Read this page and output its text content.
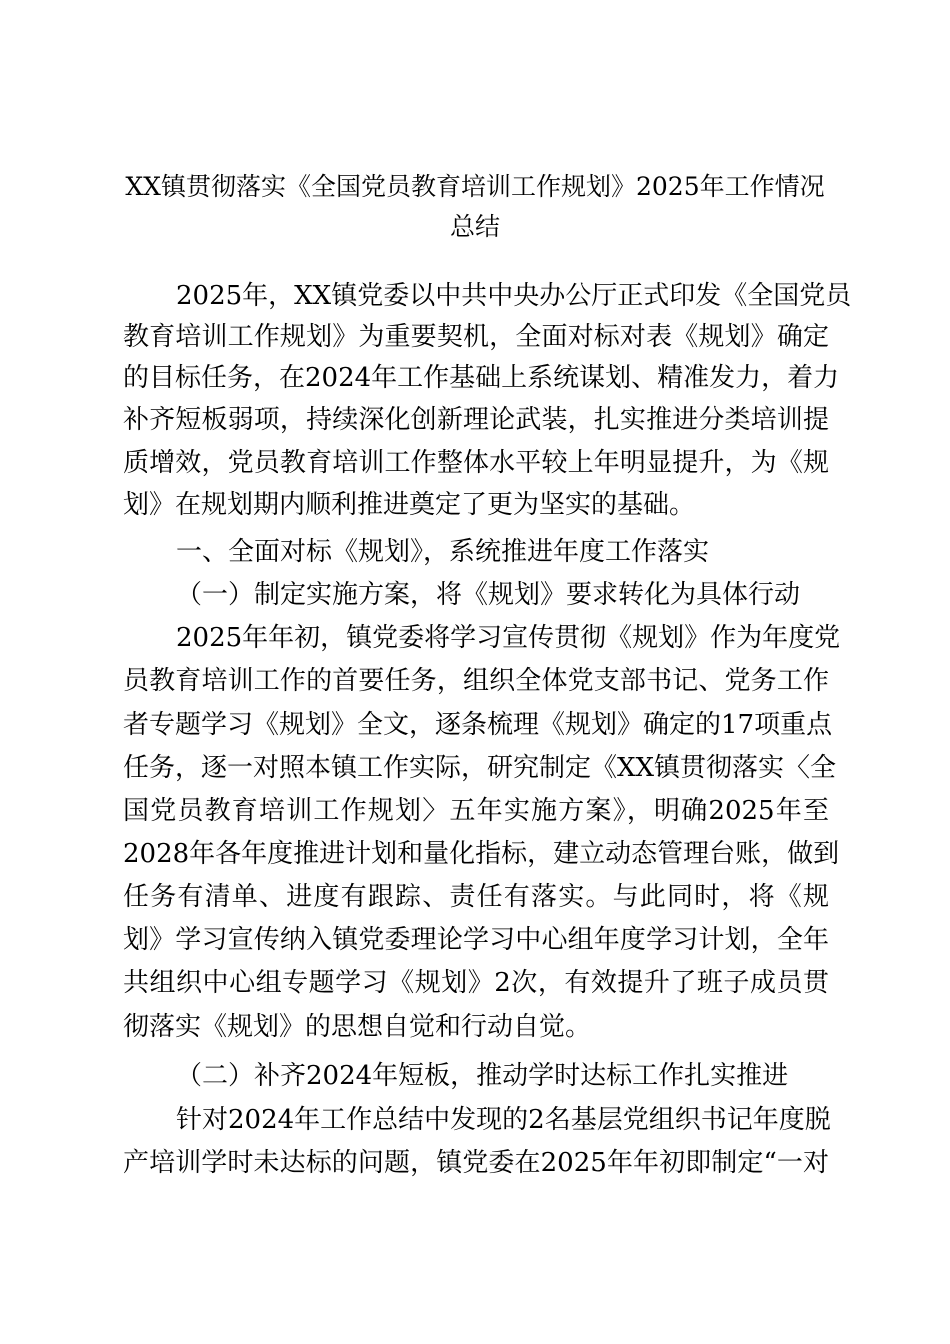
XX镇贯彻落实《全国党员教育培训工作规划》2025年工作情况
总结
2025年，XX镇党委以中共中央办公厅正式印发《全国党员
教育培训工作规划》为重要契机，全面对标对表《规划》确定
的目标任务，在2024年工作基础上系统谋划、精准发力，着力
补齐短板弱项，持续深化创新理论武装，扎实推进分类培训提
质增效，党员教育培训工作整体水平较上年明显提升，为《规
划》在规划期内顺利推进奠定了更为坚实的基础。
一、全面对标《规划》，系统推进年度工作落实
（一）制定实施方案，将《规划》要求转化为具体行动
2025年年初，镇党委将学习宣传贯彻《规划》作为年度党
员教育培训工作的首要任务，组织全体党支部书记、党务工作
者专题学习《规划》全文，逐条梳理《规划》确定的17项重点
任务，逐一对照本镇工作实际，研究制定《XX镇贯彻落实〈全
国党员教育培训工作规划〉五年实施方案》，明确2025年至
2028年各年度推进计划和量化指标，建立动态管理台账，做到
任务有清单、进度有跟踪、责任有落实。与此同时，将《规
划》学习宣传纳入镇党委理论学习中心组年度学习计划，全年
共组织中心组专题学习《规划》2次，有效提升了班子成员贯
彻落实《规划》的思想自觉和行动自觉。
（二）补齐2024年短板，推动学时达标工作扎实推进
针对2024年工作总结中发现的2名基层党组织书记年度脱
产培训学时未达标的问题，镇党委在2025年年初即制定“一对
